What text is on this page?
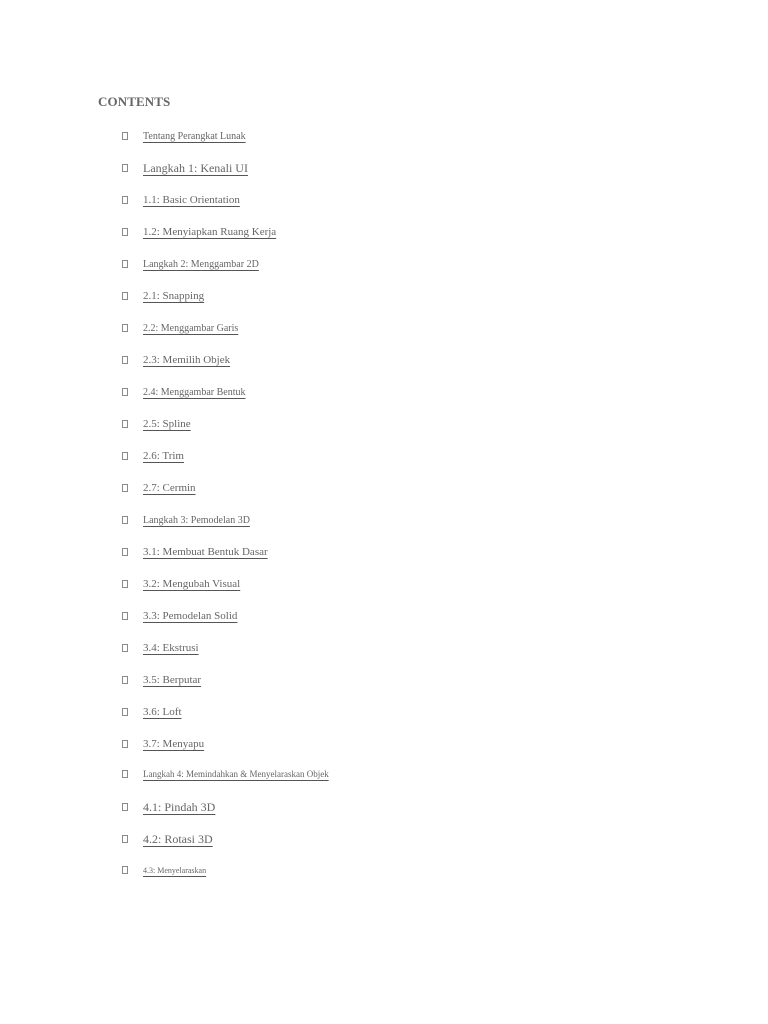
CONTENTS
Tentang Perangkat Lunak
Langkah 1: Kenali UI
1.1: Basic Orientation
1.2: Menyiapkan Ruang Kerja
Langkah 2: Menggambar 2D
2.1: Snapping
2.2: Menggambar Garis
2.3: Memilih Objek
2.4: Menggambar Bentuk
2.5: Spline
2.6: Trim
2.7: Cermin
Langkah 3: Pemodelan 3D
3.1: Membuat Bentuk Dasar
3.2: Mengubah Visual
3.3: Pemodelan Solid
3.4: Ekstrusi
3.5: Berputar
3.6: Loft
3.7: Menyapu
Langkah 4: Memindahkan & Menyelaraskan Objek
4.1: Pindah 3D
4.2: Rotasi 3D
4.3: Menyelaraskan
